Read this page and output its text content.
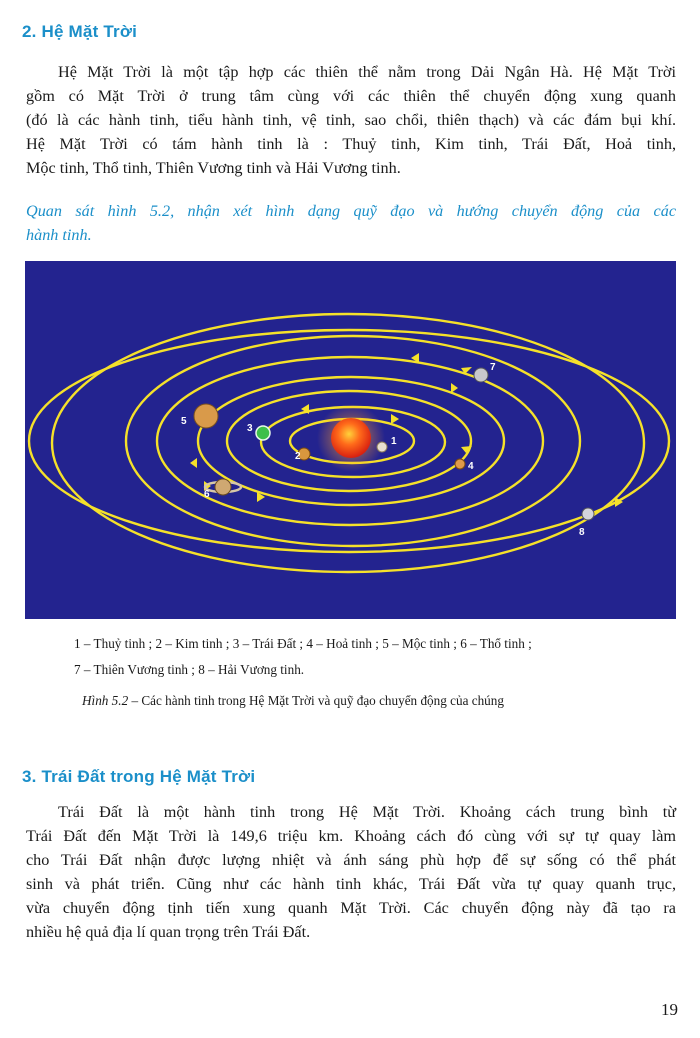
2. Hệ Mặt Trời

Hệ Mặt Trời là một tập hợp các thiên thể nằm trong Dải Ngân Hà. Hệ Mặt Trời
gồm có Mặt Trời ở trung tâm cùng với các thiên thể chuyển động xung quanh
(đó là các hành tinh, tiểu hành tinh, vệ tinh, sao chổi, thiên thạch) và các đám bụi khí.
Hệ Mặt Trời có tám hành tinh là : Thuỷ tinh, Kim tinh, Trái Đất, Hoả tinh,
Mộc tinh, Thổ tinh, Thiên Vương tinh và Hải Vương tinh.

Quan sát hình 5.2, nhận xét hình dạng quỹ đạo và hướng chuyển động của các
hành tinh.

1
2
3
4
5
6
7
8

1 – Thuỷ tinh ; 2 – Kim tinh ; 3 – Trái Đất ; 4 – Hoả tinh ; 5 – Mộc tinh ; 6 – Thổ tinh ;

7 – Thiên Vương tinh ; 8 – Hải Vương tinh.

Hình 5.2 – Các hành tinh trong Hệ Mặt Trời và quỹ đạo chuyển động của chúng

3. Trái Đất trong Hệ Mặt Trời

Trái Đất là một hành tinh trong Hệ Mặt Trời. Khoảng cách trung bình từ
Trái Đất đến Mặt Trời là 149,6 triệu km. Khoảng cách đó cùng với sự tự quay làm
cho Trái Đất nhận được lượng nhiệt và ánh sáng phù hợp để sự sống có thể phát
sinh và phát triển. Cũng như các hành tinh khác, Trái Đất vừa tự quay quanh trục,
vừa chuyển động tịnh tiến xung quanh Mặt Trời. Các chuyển động này đã tạo ra
nhiều hệ quả địa lí quan trọng trên Trái Đất.

19
